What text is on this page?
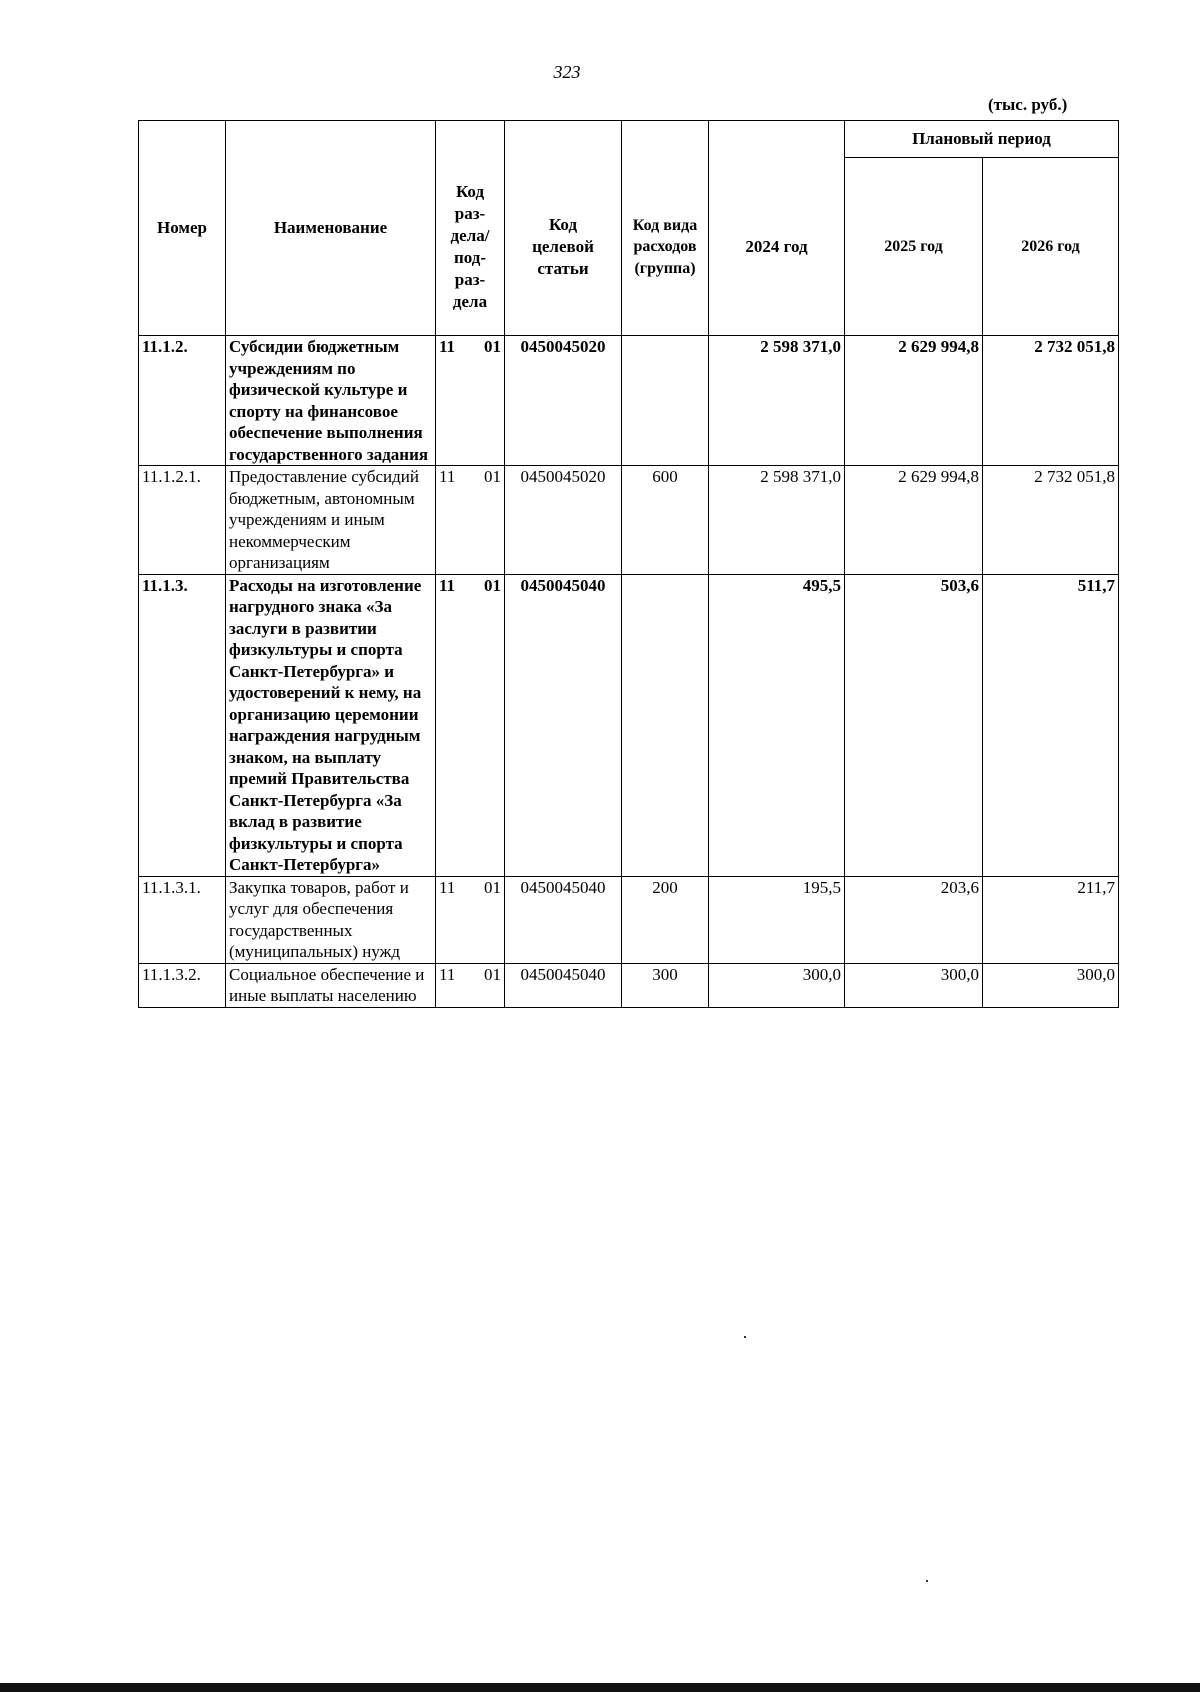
323
(тыс. руб.)
Номер	Наименование	Код раз-дела/ под-раз-дела	Код целевой статьи	Код вида расходов (группа)	2024 год	Плановый период	
						2025 год	2026 год
11.1.2.	Субсидии бюджетным учреждениям по физической культуре и спорту на финансовое обеспечение выполнения государственного задания	11 01	0450045020		2 598 371,0	2 629 994,8	2 732 051,8
11.1.2.1.	Предоставление субсидий бюджетным, автономным учреждениям и иным некоммерческим организациям	11 01	0450045020	600	2 598 371,0	2 629 994,8	2 732 051,8
11.1.3.	Расходы на изготовление нагрудного знака «За заслуги в развитии физкультуры и спорта Санкт-Петербурга» и удостоверений к нему, на организацию церемонии награждения нагрудным знаком, на выплату премий Правительства Санкт-Петербурга «За вклад в развитие физкультуры и спорта Санкт-Петербурга»	11 01	0450045040		495,5	503,6	511,7
11.1.3.1.	Закупка товаров, работ и услуг для обеспечения государственных (муниципальных) нужд	11 01	0450045040	200	195,5	203,6	211,7
11.1.3.2.	Социальное обеспечение и иные выплаты населению	11 01	0450045040	300	300,0	300,0	300,0
